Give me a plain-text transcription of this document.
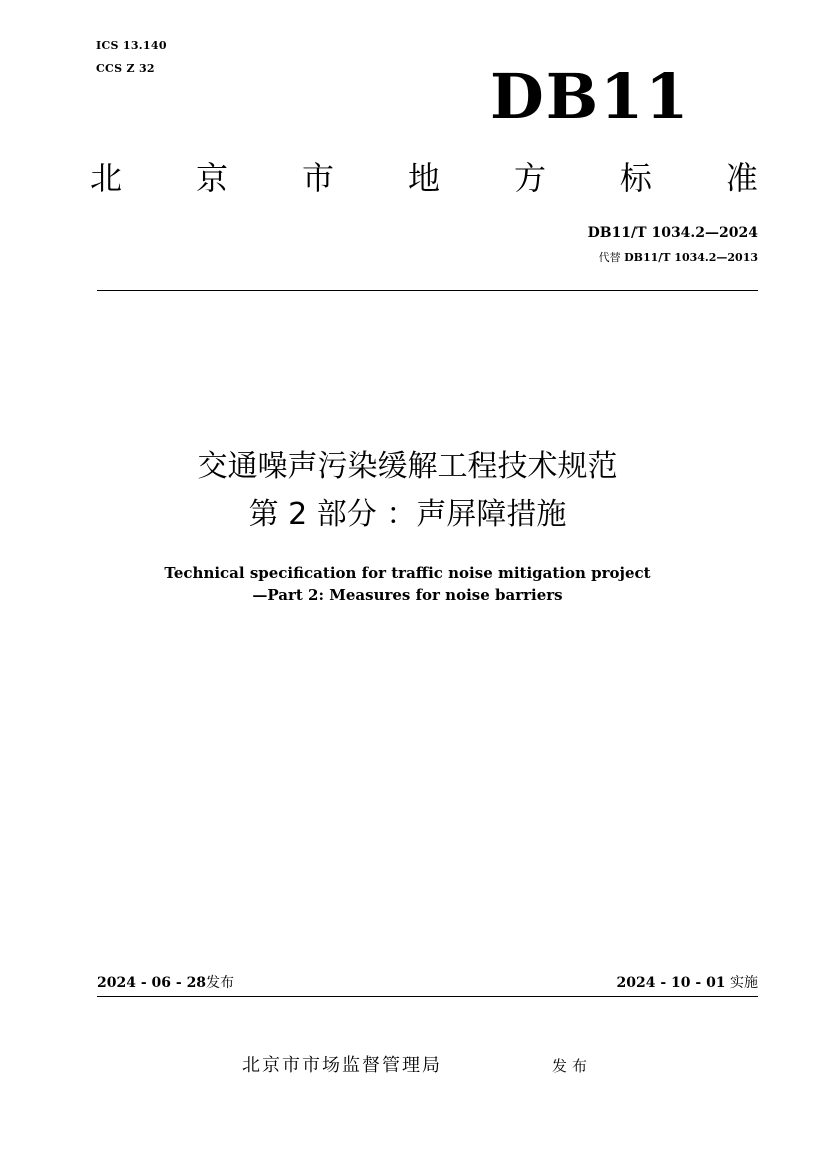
ICS 13.140
CCS Z 32	DB11
北 京 市 地 方 标 准
DB11/T 1034.2—2024
代替 DB11/T 1034.2—2013
交通噪声污染缓解工程技术规范
第 2 部分 ：声屏障措施
Technical specification for traffic noise mitigation project
—Part 2: Measures for noise barriers
2024 - 06 - 28发布	2024 - 10 - 01 实施
北京市市场监督管理局	发布
